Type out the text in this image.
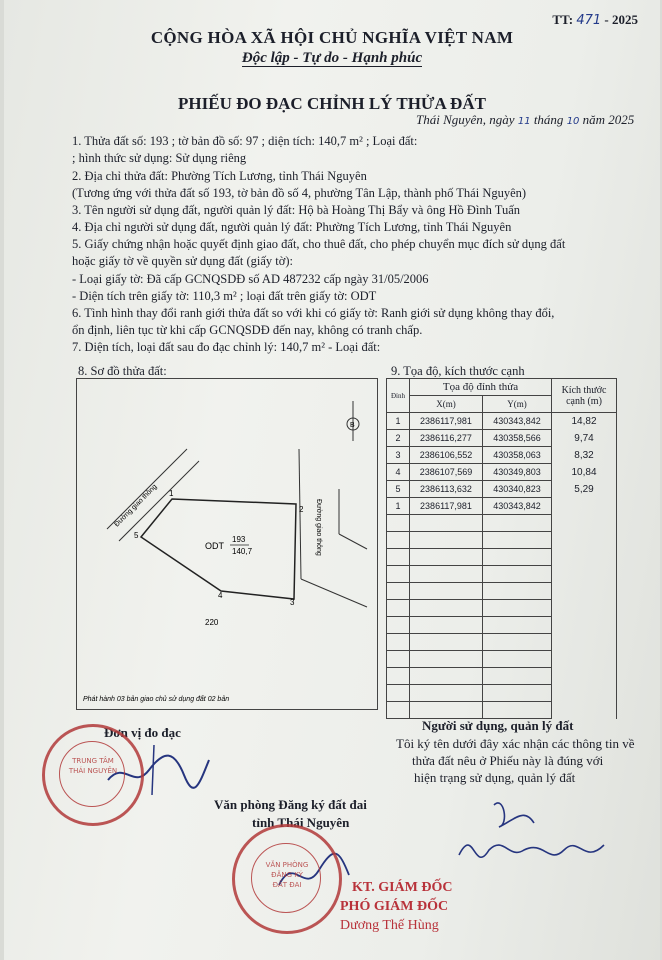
TT: 471 - 2025
CỘNG HÒA XÃ HỘI CHỦ NGHĨA VIỆT NAM
Độc lập - Tự do - Hạnh phúc
PHIẾU ĐO ĐẠC CHỈNH LÝ THỬA ĐẤT
Thái Nguyên, ngày 11 tháng 10 năm 2025
1. Thửa đất số: 193 ; tờ bản đồ số: 97 ; diện tích: 140,7 m² ; Loại đất:
; hình thức sử dụng: Sử dụng riêng
2. Địa chỉ thửa đất: Phường Tích Lương, tỉnh Thái Nguyên
(Tương ứng với thửa đất số 193, tờ bản đồ số 4, phường Tân Lập, thành phố Thái Nguyên)
3. Tên người sử dụng đất, người quản lý đất: Hộ bà Hoàng Thị Bẩy và ông Hồ Đình Tuấn
4. Địa chỉ người sử dụng đất, người quản lý đất: Phường Tích Lương, tỉnh Thái Nguyên
5. Giấy chứng nhận hoặc quyết định giao đất, cho thuê đất, cho phép chuyển mục đích sử dụng đất
hoặc giấy tờ về quyền sử dụng đất (giấy tờ):
- Loại giấy tờ: Đã cấp GCNQSDĐ số AD 487232 cấp ngày 31/05/2006
- Diện tích trên giấy tờ: 110,3 m² ; loại đất trên giấy tờ: ODT
6. Tình hình thay đổi ranh giới thửa đất so với khi có giấy tờ: Ranh giới sử dụng không thay đổi,
ổn định, liên tục từ khi cấp GCNQSDĐ đến nay, không có tranh chấp.
7. Diện tích, loại đất sau đo đạc chỉnh lý: 140,7 m² - Loại đất:
8. Sơ đồ thửa đất:	9. Tọa độ, kích thước cạnh
B
1
2
3
4
5
Đường giao thông	Đường giao thông
ODT
193
140,7
220
Phát hành 03 bản giao chủ sử dụng đất 02 bản
Đỉnh	Tọa độ đỉnh thửa		Kích thước cạnh (m)
	X(m)	Y(m)	
1	2386117,981	430343,842	14,82
2	2386116,277	430358,566	9,74
3	2386106,552	430358,063	8,32
4	2386107,569	430349,803	10,84
5	2386113,632	430340,823	5,29
1	2386117,981	430343,842	

Đơn vị đo đạc	Người sử dụng, quản lý đất
Tôi ký tên dưới đây xác nhận các thông tin về
thửa đất nêu ở Phiếu này là đúng với
hiện trạng sử dụng, quản lý đất
Văn phòng Đăng ký đất đai
tỉnh Thái Nguyên
KT. GIÁM ĐỐC
PHÓ GIÁM ĐỐC
Dương Thế Hùng
TRUNG TÂM
THÁI NGUYÊN
VĂN PHÒNG
ĐĂNG KÝ
ĐẤT ĐAI
